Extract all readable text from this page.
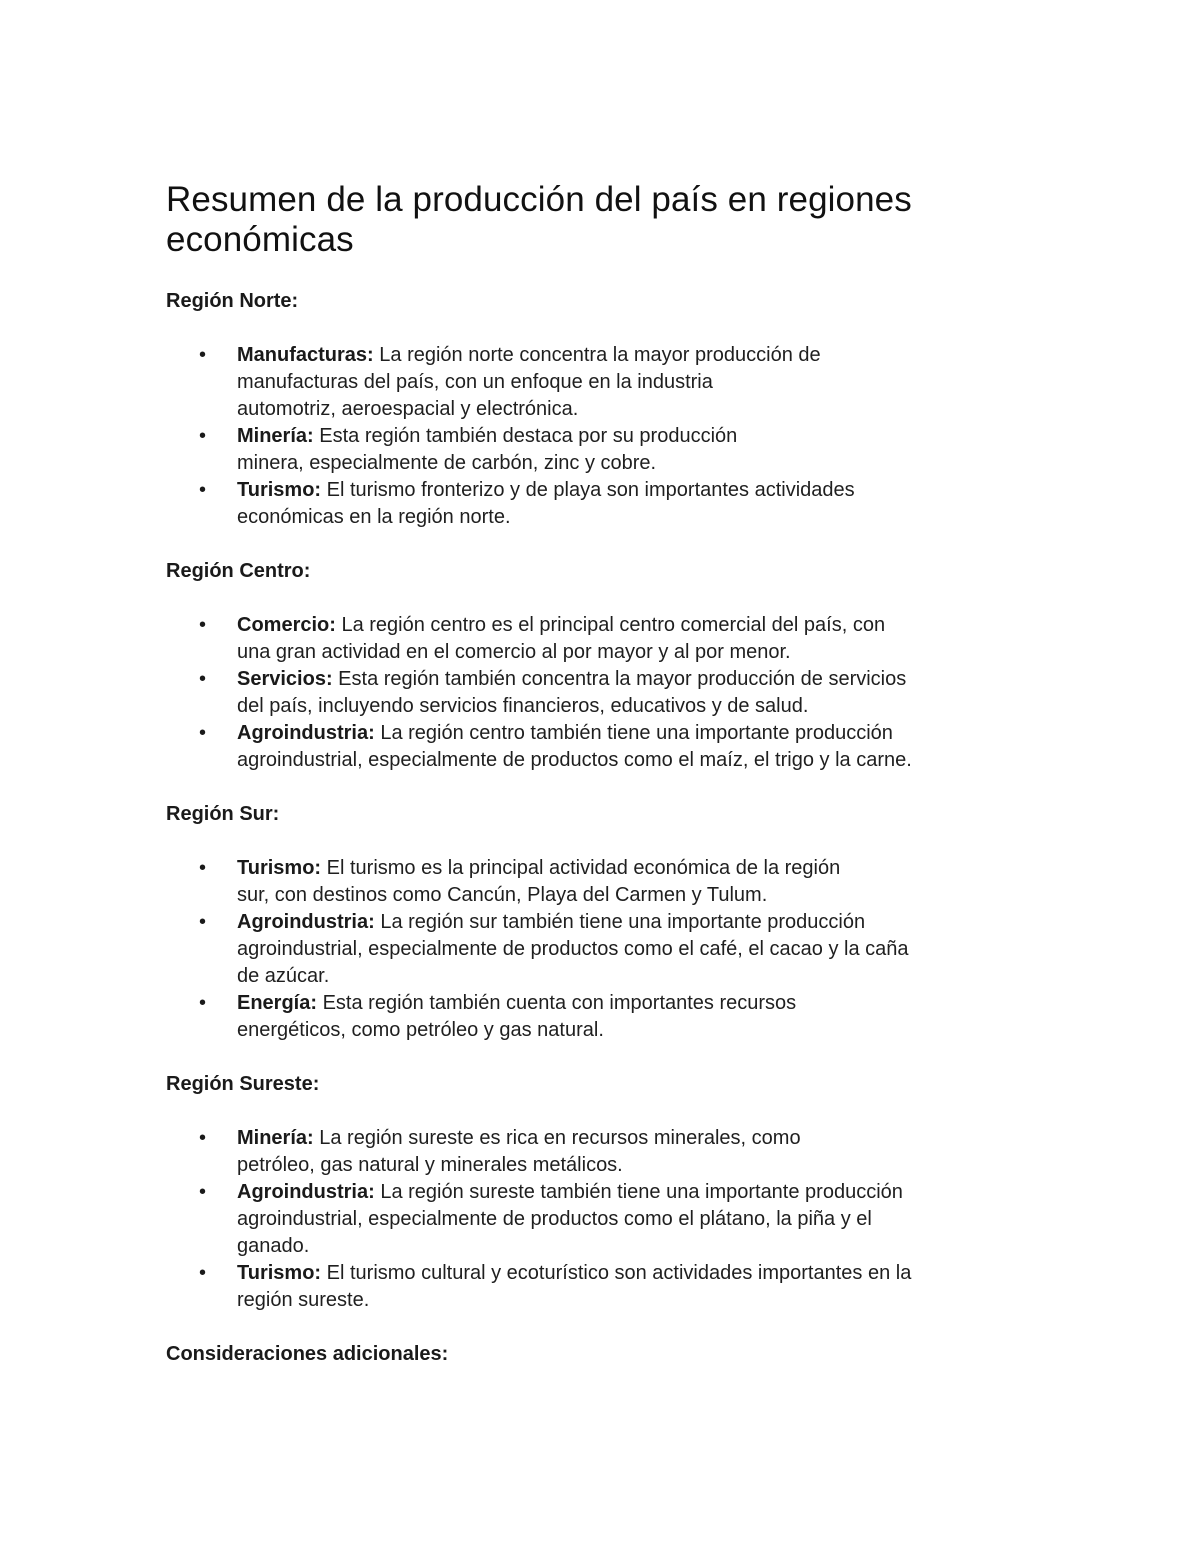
Resumen de la producción del país en regiones
económicas
Región Norte:
• Manufacturas: La región norte concentra la mayor producción de
manufacturas del país, con un enfoque en la industria
automotriz, aeroespacial y electrónica.
• Minería: Esta región también destaca por su producción
minera, especialmente de carbón, zinc y cobre.
• Turismo: El turismo fronterizo y de playa son importantes actividades
económicas en la región norte.
Región Centro:
• Comercio: La región centro es el principal centro comercial del país, con
una gran actividad en el comercio al por mayor y al por menor.
• Servicios: Esta región también concentra la mayor producción de servicios
del país, incluyendo servicios financieros, educativos y de salud.
• Agroindustria: La región centro también tiene una importante producción
agroindustrial, especialmente de productos como el maíz, el trigo y la carne.
Región Sur:
• Turismo: El turismo es la principal actividad económica de la región
sur, con destinos como Cancún, Playa del Carmen y Tulum.
• Agroindustria: La región sur también tiene una importante producción
agroindustrial, especialmente de productos como el café, el cacao y la caña
de azúcar.
• Energía: Esta región también cuenta con importantes recursos
energéticos, como petróleo y gas natural.
Región Sureste:
• Minería: La región sureste es rica en recursos minerales, como
petróleo, gas natural y minerales metálicos.
• Agroindustria: La región sureste también tiene una importante producción
agroindustrial, especialmente de productos como el plátano, la piña y el
ganado.
• Turismo: El turismo cultural y ecoturístico son actividades importantes en la
región sureste.
Consideraciones adicionales:
